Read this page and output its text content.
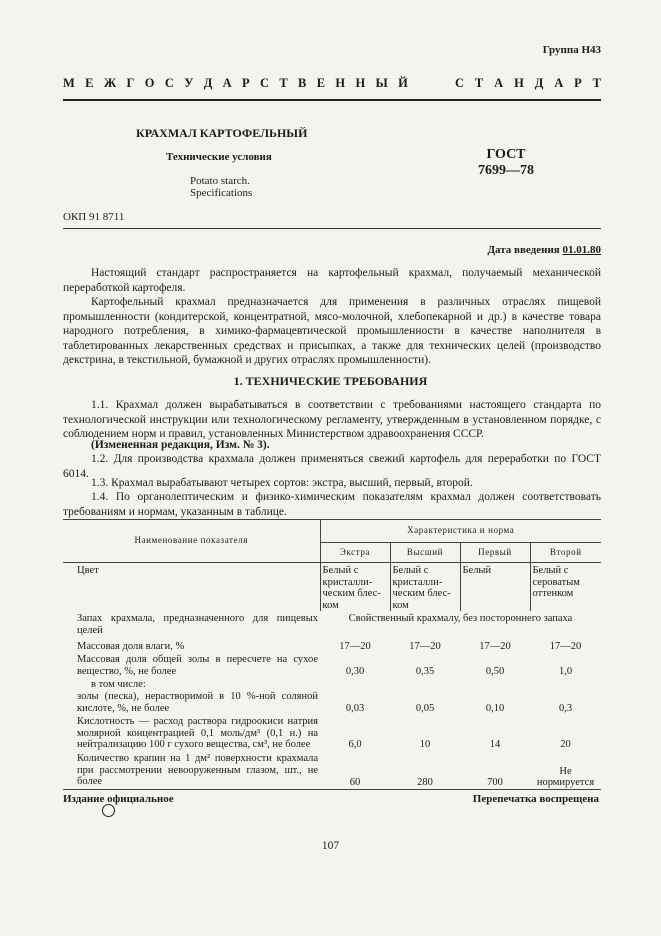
Группа Н43
М Е Ж Г О С У Д А Р С Т В Е Н Н Ы Й	С Т А Н Д А Р Т
КРАХМАЛ КАРТОФЕЛЬНЫЙ
Технические условия
Potato starch.
Specifications
ГОСТ
7699—78
ОКП 91 8711
Дата введения 01.01.80

Настоящий стандарт распространяется на картофельный крахмал, получаемый механической переработкой картофеля.

Картофельный крахмал предназначается для применения в различных отраслях пищевой промышленности (кондитерской, концентратной, мясо-молочной, хлебопекарной и др.) в качестве товара народного потребления, в химико-фармацевтической промышленности в качестве наполнителя в таблетированных лекарственных средствах и присыпках, а также для технических целей (производство декстрина, в текстильной, бумажной и других отраслях промышленности).

1. ТЕХНИЧЕСКИЕ ТРЕБОВАНИЯ

1.1. Крахмал должен вырабатываться в соответствии с требованиями настоящего стандарта по технологической инструкции или технологическому регламенту, утвержденным в установленном порядке, с соблюдением норм и правил, установленных Министерством здравоохранения СССР.

(Измененная редакция, Изм. № 3).

1.2. Для производства крахмала должен применяться свежий картофель для переработки по ГОСТ 6014.

1.3. Крахмал вырабатывают четырех сортов: экстра, высший, первый, второй.

1.4. По органолептическим и физико-химическим показателям крахмал должен соответствовать требованиям и нормам, указанным в таблице.

Наименование показателя	Характеристика и норма			
	Экстра	Высший	Первый	Второй
Цвет	Белый с кристалли-ческим блес-ком	Белый с кристалли-ческим блес-ком	Белый	Белый с сероватым оттенком
Запах крахмала, предназначенного для пищевых целей	Свойственный крахмалу, без постороннего запаха			
Массовая доля влаги, %	17—20	17—20	17—20	17—20
Массовая доля общей золы в пересчете на сухое вещество, %, не более	0,30	0,35	0,50	1,0
в том числе:				
золы (песка), нерастворимой в 10 %-ной соляной кислоте, %, не более	0,03	0,05	0,10	0,3
Кислотность — расход раствора гидроокиси натрия молярной концентрацией 0,1 моль/дм³ (0,1 н.) на нейтрализацию 100 г сухого вещества, см³, не более	6,0	10	14	20
Количество крапин на 1 дм² поверхности крахмала при рассмотрении невооруженным глазом, шт., не более	60	280	700	Не нормируется
Издание официальное	Перепечатка воспрещена
107
